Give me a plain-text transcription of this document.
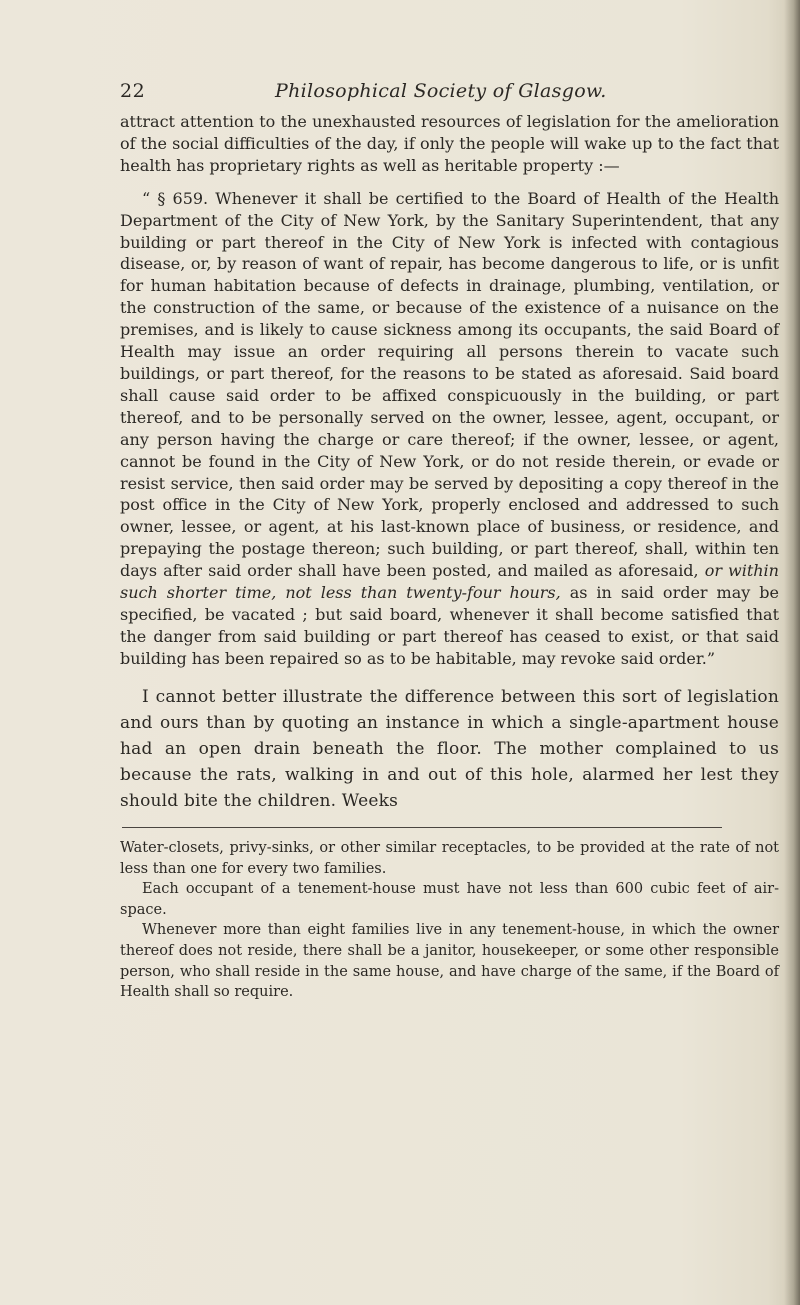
22	Philosophical Society of Glasgow.

attract attention to the unexhausted resources of legislation for the amelioration of the social difficulties of the day, if only the people will wake up to the fact that health has proprietary rights as well as heritable property :—

“ § 659. Whenever it shall be certified to the Board of Health of the Health Department of the City of New York, by the Sanitary Superintendent, that any building or part thereof in the City of New York is infected with contagious disease, or, by reason of want of repair, has become dangerous to life, or is unfit for human habitation because of defects in drainage, plumbing, ventilation, or the construction of the same, or because of the existence of a nuisance on the premises, and is likely to cause sickness among its occupants, the said Board of Health may issue an order requiring all persons therein to vacate such buildings, or part thereof, for the reasons to be stated as aforesaid. Said board shall cause said order to be affixed conspicuously in the building, or part thereof, and to be personally served on the owner, lessee, agent, occupant, or any person having the charge or care thereof; if the owner, lessee, or agent, cannot be found in the City of New York, or do not reside therein, or evade or resist service, then said order may be served by depositing a copy thereof in the post office in the City of New York, properly enclosed and addressed to such owner, lessee, or agent, at his last-known place of business, or residence, and prepaying the postage thereon; such building, or part thereof, shall, within ten days after said order shall have been posted, and mailed as aforesaid, or within such shorter time, not less than twenty-four hours, as in said order may be specified, be vacated ; but said board, whenever it shall become satisfied that the danger from said building or part thereof has ceased to exist, or that said building has been repaired so as to be habitable, may revoke said order.”

I cannot better illustrate the difference between this sort of legislation and ours than by quoting an instance in which a single-apartment house had an open drain beneath the floor. The mother complained to us because the rats, walking in and out of this hole, alarmed her lest they should bite the children. Weeks

Water-closets, privy-sinks, or other similar receptacles, to be provided at the rate of not less than one for every two families.

Each occupant of a tenement-house must have not less than 600 cubic feet of air-space.

Whenever more than eight families live in any tenement-house, in which the owner thereof does not reside, there shall be a janitor, housekeeper, or some other responsible person, who shall reside in the same house, and have charge of the same, if the Board of Health shall so require.
